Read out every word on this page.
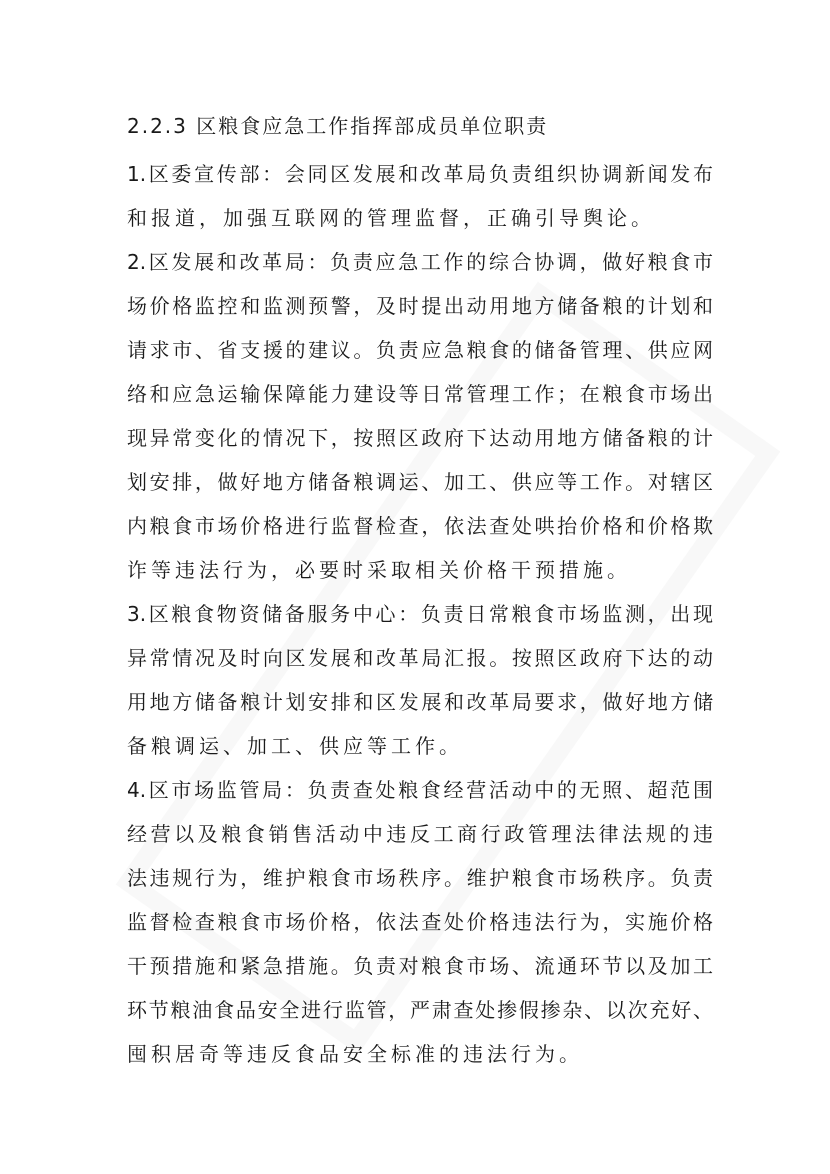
2.2.3 区粮食应急工作指挥部成员单位职责
1.区委宣传部：会同区发展和改革局负责组织协调新闻发布
和报道，加强互联网的管理监督，正确引导舆论。
2.区发展和改革局：负责应急工作的综合协调，做好粮食市
场价格监控和监测预警，及时提出动用地方储备粮的计划和
请求市、省支援的建议。负责应急粮食的储备管理、供应网
络和应急运输保障能力建设等日常管理工作；在粮食市场出
现异常变化的情况下，按照区政府下达动用地方储备粮的计
划安排，做好地方储备粮调运、加工、供应等工作。对辖区
内粮食市场价格进行监督检查，依法查处哄抬价格和价格欺
诈等违法行为，必要时采取相关价格干预措施。
3.区粮食物资储备服务中心：负责日常粮食市场监测，出现
异常情况及时向区发展和改革局汇报。按照区政府下达的动
用地方储备粮计划安排和区发展和改革局要求，做好地方储
备粮调运、加工、供应等工作。
4.区市场监管局：负责查处粮食经营活动中的无照、超范围
经营以及粮食销售活动中违反工商行政管理法律法规的违
法违规行为，维护粮食市场秩序。维护粮食市场秩序。负责
监督检查粮食市场价格，依法查处价格违法行为，实施价格
干预措施和紧急措施。负责对粮食市场、流通环节以及加工
环节粮油食品安全进行监管，严肃查处掺假掺杂、以次充好、
囤积居奇等违反食品安全标准的违法行为。
